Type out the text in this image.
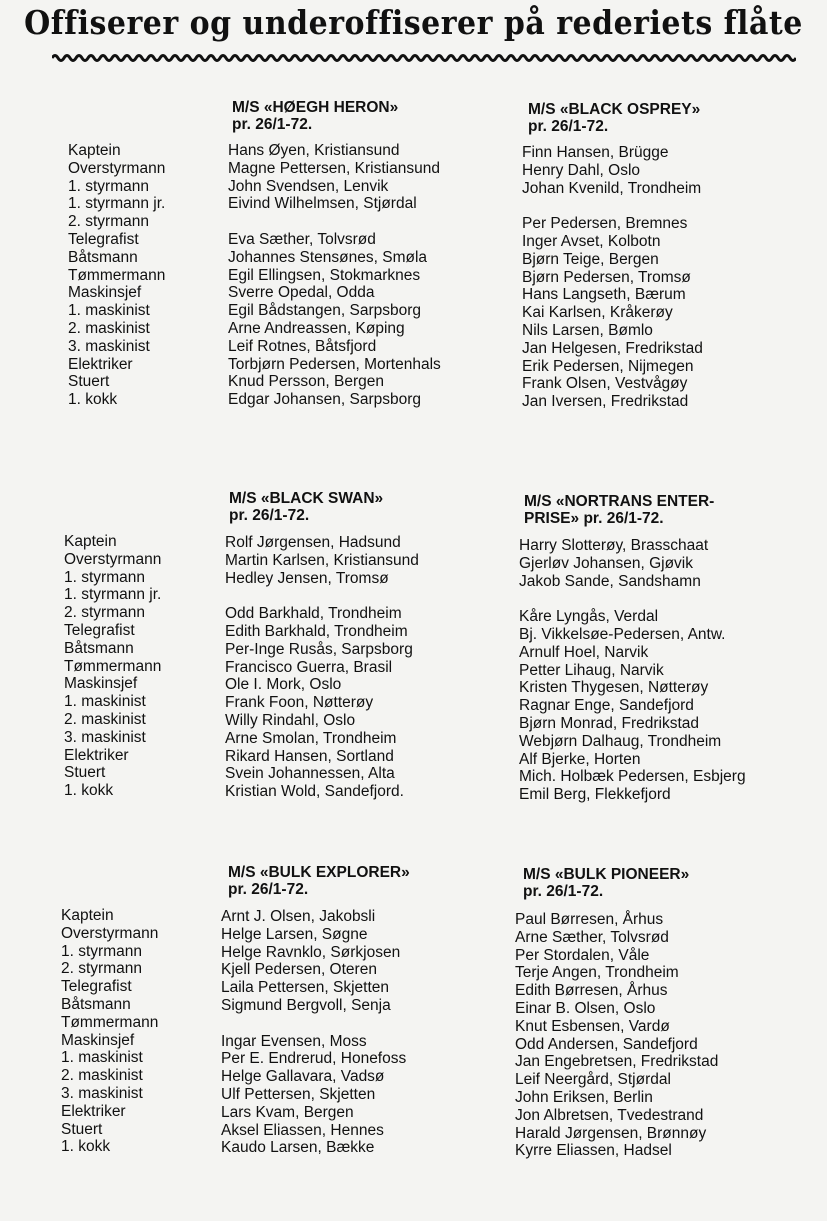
Offiserer og underoffiserer på rederiets flåte
M/S «HØEGH HERON»
pr. 26/1-72.
M/S «BLACK OSPREY»
pr. 26/1-72.
Kaptein
Overstyrmann
1. styrmann
1. styrmann jr.
2. styrmann
Telegrafist
Båtsmann
Tømmermann
Maskinsjef
1. maskinist
2. maskinist
3. maskinist
Elektriker
Stuert
1. kokk
Hans Øyen, Kristiansund
Magne Pettersen, Kristiansund
John Svendsen, Lenvik
Eivind Wilhelmsen, Stjørdal
Eva Sæther, Tolvsrød
Johannes Stensønes, Smøla
Egil Ellingsen, Stokmarknes
Sverre Opedal, Odda
Egil Bådstangen, Sarpsborg
Arne Andreassen, Køping
Leif Rotnes, Båtsfjord
Torbjørn Pedersen, Mortenhals
Knud Persson, Bergen
Edgar Johansen, Sarpsborg
Finn Hansen, Brügge
Henry Dahl, Oslo
Johan Kvenild, Trondheim
Per Pedersen, Bremnes
Inger Avset, Kolbotn
Bjørn Teige, Bergen
Bjørn Pedersen, Tromsø
Hans Langseth, Bærum
Kai Karlsen, Kråkerøy
Nils Larsen, Bømlo
Jan Helgesen, Fredrikstad
Erik Pedersen, Nijmegen
Frank Olsen, Vestvågøy
Jan Iversen, Fredrikstad
M/S «BLACK SWAN»
pr. 26/1-72.
M/S «NORTRANS ENTER-
PRISE» pr. 26/1-72.
Kaptein
Overstyrmann
1. styrmann
1. styrmann jr.
2. styrmann
Telegrafist
Båtsmann
Tømmermann
Maskinsjef
1. maskinist
2. maskinist
3. maskinist
Elektriker
Stuert
1. kokk
Rolf Jørgensen, Hadsund
Martin Karlsen, Kristiansund
Hedley Jensen, Tromsø
Odd Barkhald, Trondheim
Edith Barkhald, Trondheim
Per-Inge Rusås, Sarpsborg
Francisco Guerra, Brasil
Ole I. Mork, Oslo
Frank Foon, Nøtterøy
Willy Rindahl, Oslo
Arne Smolan, Trondheim
Rikard Hansen, Sortland
Svein Johannessen, Alta
Kristian Wold, Sandefjord.
Harry Slotterøy, Brasschaat
Gjerløv Johansen, Gjøvik
Jakob Sande, Sandshamn
Kåre Lyngås, Verdal
Bj. Vikkelsøe-Pedersen, Antw.
Arnulf Hoel, Narvik
Petter Lihaug, Narvik
Kristen Thygesen, Nøtterøy
Ragnar Enge, Sandefjord
Bjørn Monrad, Fredrikstad
Webjørn Dalhaug, Trondheim
Alf Bjerke, Horten
Mich. Holbæk Pedersen, Esbjerg
Emil Berg, Flekkefjord
M/S «BULK EXPLORER»
pr. 26/1-72.
M/S «BULK PIONEER»
pr. 26/1-72.
Kaptein
Overstyrmann
1. styrmann
2. styrmann
Telegrafist
Båtsmann
Tømmermann
Maskinsjef
1. maskinist
2. maskinist
3. maskinist
Elektriker
Stuert
1. kokk
Arnt J. Olsen, Jakobsli
Helge Larsen, Søgne
Helge Ravnklo, Sørkjosen
Kjell Pedersen, Oteren
Laila Pettersen, Skjetten
Sigmund Bergvoll, Senja
Ingar Evensen, Moss
Per E. Endrerud, Honefoss
Helge Gallavara, Vadsø
Ulf Pettersen, Skjetten
Lars Kvam, Bergen
Aksel Eliassen, Hennes
Kaudo Larsen, Bække
Paul Børresen, Århus
Arne Sæther, Tolvsrød
Per Stordalen, Våle
Terje Angen, Trondheim
Edith Børresen, Århus
Einar B. Olsen, Oslo
Knut Esbensen, Vardø
Odd Andersen, Sandefjord
Jan Engebretsen, Fredrikstad
Leif Neergård, Stjørdal
John Eriksen, Berlin
Jon Albretsen, Tvedestrand
Harald Jørgensen, Brønnøy
Kyrre Eliassen, Hadsel
